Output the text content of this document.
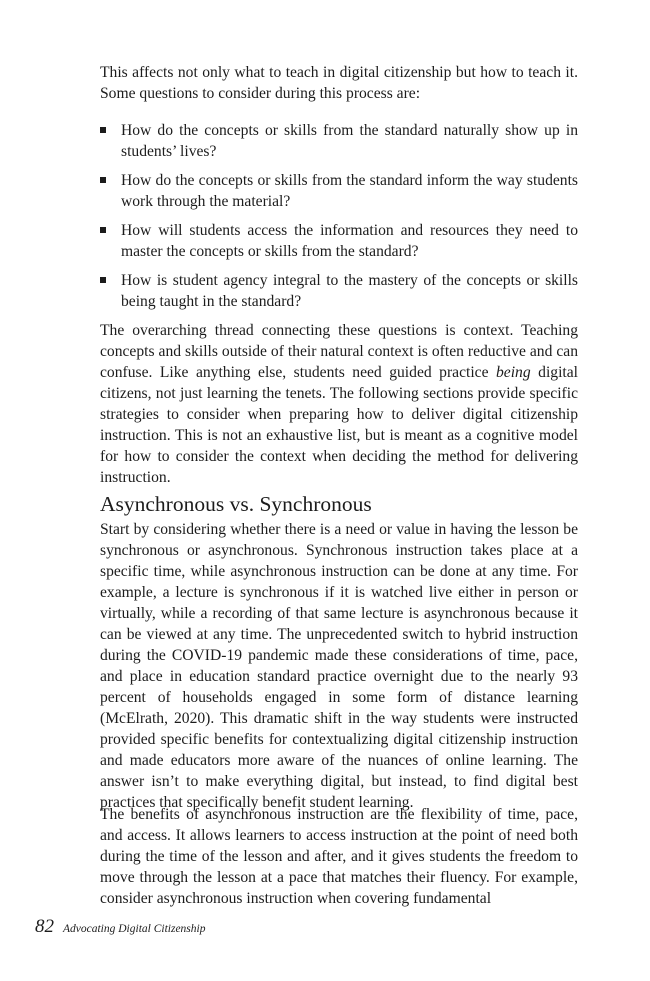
This affects not only what to teach in digital citizenship but how to teach it. Some questions to consider during this process are:

How do the concepts or skills from the standard naturally show up in students’ lives?
How do the concepts or skills from the standard inform the way students work through the material?
How will students access the information and resources they need to master the concepts or skills from the standard?
How is student agency integral to the mastery of the concepts or skills being taught in the standard?

The overarching thread connecting these questions is context. Teaching concepts and skills outside of their natural context is often reductive and can confuse. Like anything else, students need guided practice being digital citizens, not just learning the tenets. The following sections provide specific strategies to consider when preparing how to deliver digital citizenship instruction. This is not an exhaustive list, but is meant as a cognitive model for how to consider the context when deciding the method for delivering instruction.

Asynchronous vs. Synchronous

Start by considering whether there is a need or value in having the lesson be synchronous or asynchronous. Synchronous instruction takes place at a specific time, while asynchronous instruction can be done at any time. For example, a lecture is synchronous if it is watched live either in person or virtually, while a recording of that same lecture is asynchronous because it can be viewed at any time. The unprecedented switch to hybrid instruction during the COVID-19 pandemic made these considerations of time, pace, and place in education standard practice overnight due to the nearly 93 percent of households engaged in some form of distance learning (McElrath, 2020). This dramatic shift in the way students were instructed provided specific benefits for contextualizing digital citizenship instruction and made educators more aware of the nuances of online learning. The answer isn’t to make everything digital, but instead, to find digital best practices that specifically benefit student learning.

The benefits of asynchronous instruction are the flexibility of time, pace, and access. It allows learners to access instruction at the point of need both during the time of the lesson and after, and it gives students the freedom to move through the lesson at a pace that matches their fluency. For example, consider asynchronous instruction when covering fundamental

82 Advocating Digital Citizenship
